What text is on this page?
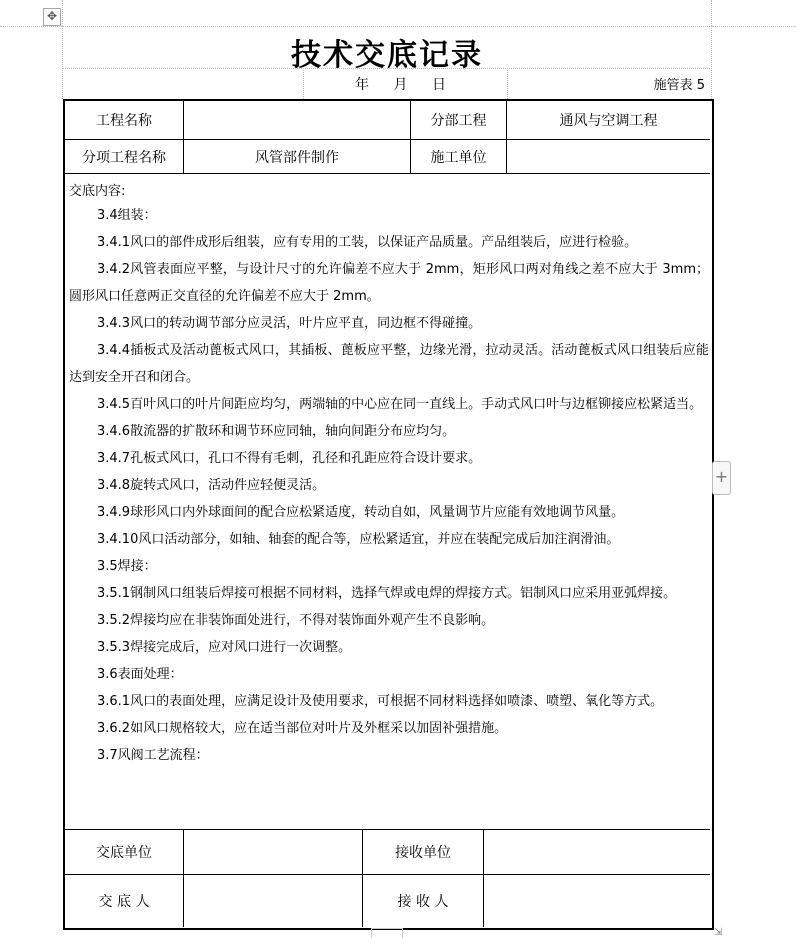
✥
技术交底记录
年 月 日	施管表 5
工程名称	分部工程	通风与空调工程
分项工程名称	风管部件制作	施工单位
交底内容:

3.4组装：

3.4.1风口的部件成形后组装，应有专用的工装，以保证产品质量。产品组装后，应进行检验。

3.4.2风管表面应平整，与设计尺寸的允许偏差不应大于 2mm，矩形风口两对角线之差不应大于 3mm；圆形风口任意两正交直径的允许偏差不应大于 2mm。

3.4.3风口的转动调节部分应灵活，叶片应平直，同边框不得碰撞。

3.4.4插板式及活动蓖板式风口，其插板、蓖板应平整，边缘光滑，拉动灵活。活动蓖板式风口组装后应能达到安全开召和闭合。

3.4.5百叶风口的叶片间距应均匀，两端轴的中心应在同一直线上。手动式风口叶与边框铆接应松紧适当。

3.4.6散流器的扩散环和调节环应同轴，轴向间距分布应均匀。

3.4.7孔板式风口，孔口不得有毛刺，孔径和孔距应符合设计要求。

3.4.8旋转式风口，活动件应轻便灵活。

3.4.9球形风口内外球面间的配合应松紧适度，转动自如，风量调节片应能有效地调节风量。

3.4.10风口活动部分，如轴、轴套的配合等，应松紧适宜，并应在装配完成后加注润滑油。

3.5焊接：

3.5.1钢制风口组装后焊接可根据不同材料，选择气焊或电焊的焊接方式。铝制风口应采用亚弧焊接。

3.5.2焊接均应在非装饰面处进行，不得对装饰面外观产生不良影响。

3.5.3焊接完成后，应对风口进行一次调整。

3.6表面处理：

3.6.1风口的表面处理，应满足设计及使用要求，可根据不同材料选择如喷漆、喷塑、氧化等方式。

3.6.2如风口规格较大，应在适当部位对叶片及外框采以加固补强措施。

3.7风阀工艺流程：

交底单位	接收单位
交 底 人	接 收 人
+
⇲
